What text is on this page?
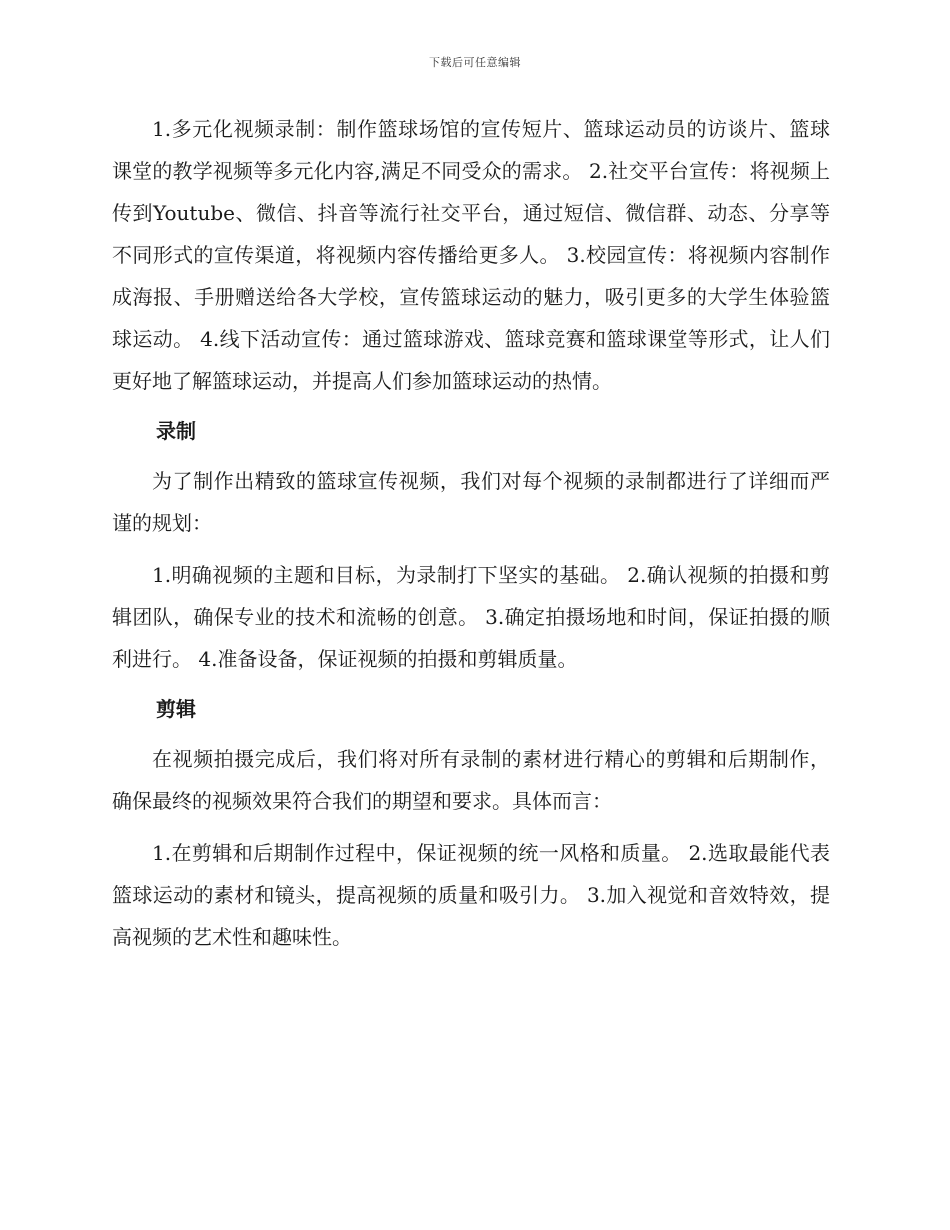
下载后可任意编辑

1.多元化视频录制：制作篮球场馆的宣传短片、篮球运动员的访谈片、篮球课堂的教学视频等多元化内容,满足不同受众的需求。 2.社交平台宣传：将视频上传到Youtube、微信、抖音等流行社交平台，通过短信、微信群、动态、分享等不同形式的宣传渠道，将视频内容传播给更多人。 3.校园宣传：将视频内容制作成海报、手册赠送给各大学校，宣传篮球运动的魅力，吸引更多的大学生体验篮球运动。 4.线下活动宣传：通过篮球游戏、篮球竞赛和篮球课堂等形式，让人们更好地了解篮球运动，并提高人们参加篮球运动的热情。

录制

为了制作出精致的篮球宣传视频，我们对每个视频的录制都进行了详细而严谨的规划：

1.明确视频的主题和目标，为录制打下坚实的基础。 2.确认视频的拍摄和剪辑团队，确保专业的技术和流畅的创意。 3.确定拍摄场地和时间，保证拍摄的顺利进行。 4.准备设备，保证视频的拍摄和剪辑质量。

剪辑

在视频拍摄完成后，我们将对所有录制的素材进行精心的剪辑和后期制作，确保最终的视频效果符合我们的期望和要求。具体而言：

1.在剪辑和后期制作过程中，保证视频的统一风格和质量。 2.选取最能代表篮球运动的素材和镜头，提高视频的质量和吸引力。 3.加入视觉和音效特效，提高视频的艺术性和趣味性。
